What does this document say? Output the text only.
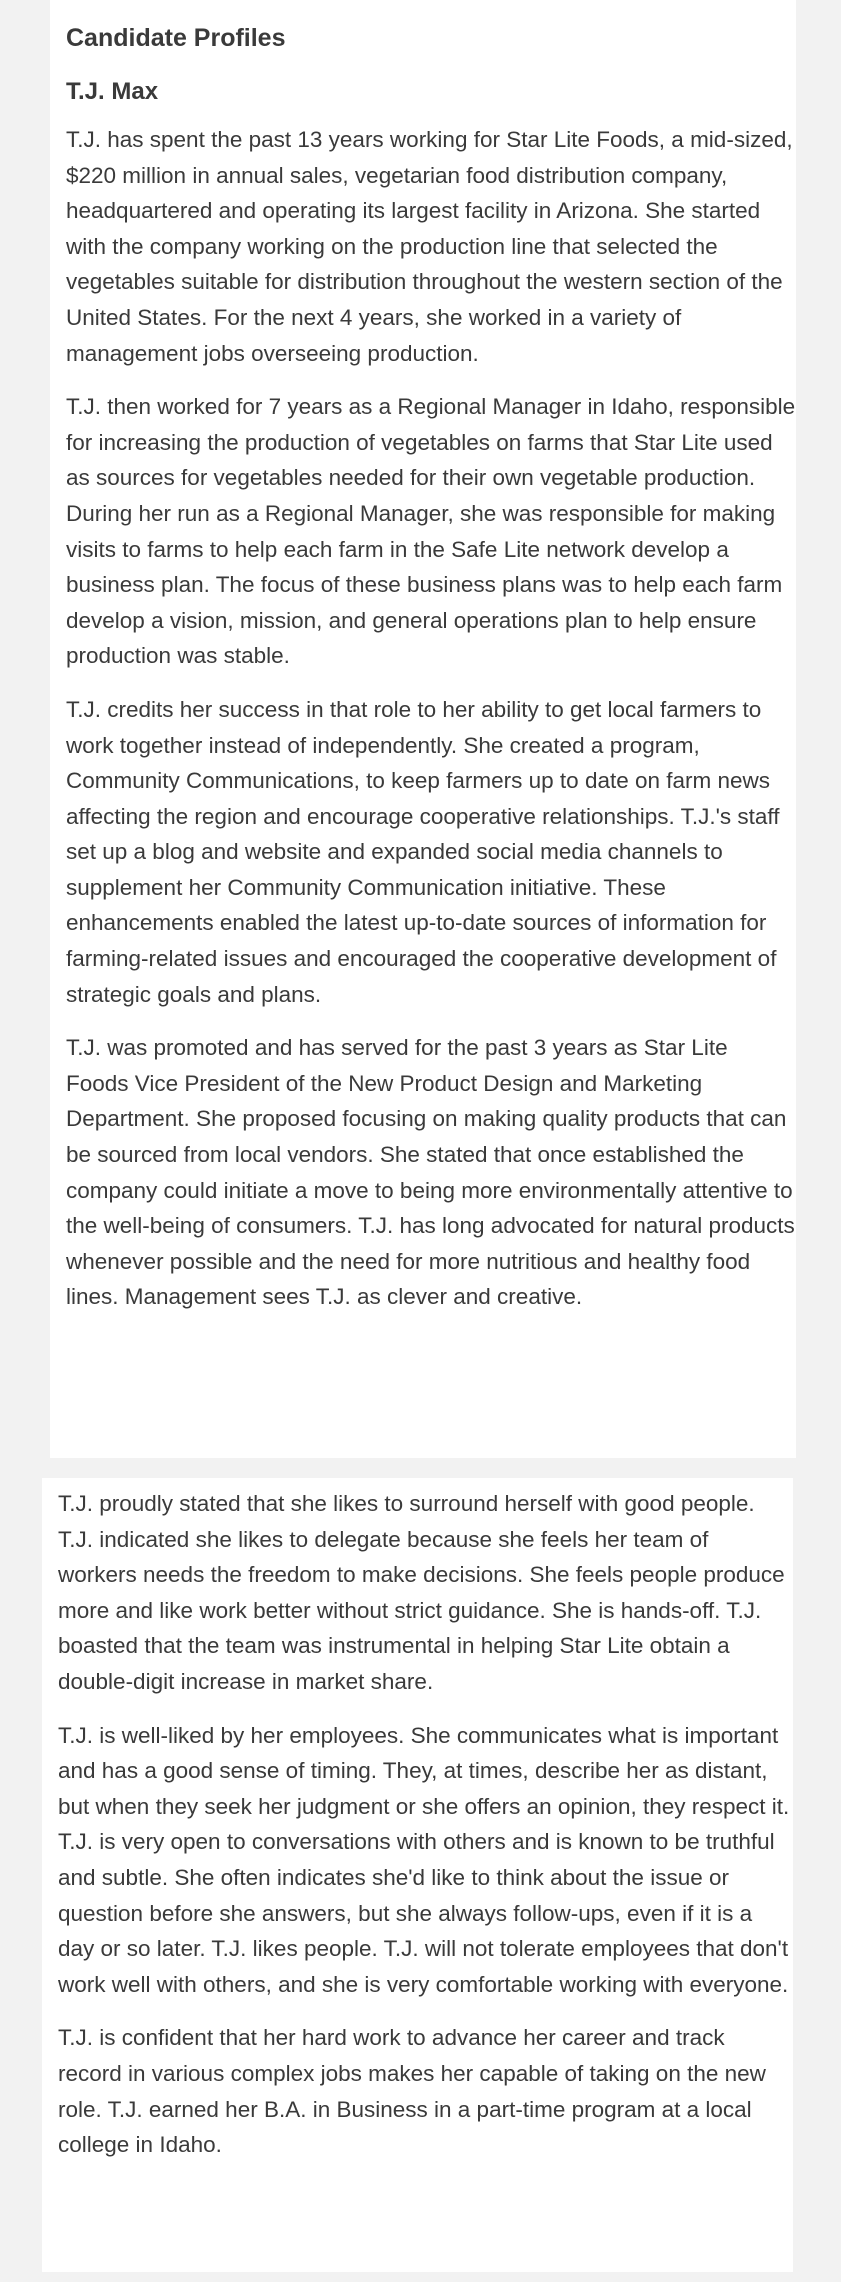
Candidate Profiles
T.J. Max

T.J. has spent the past 13 years working for Star Lite Foods, a mid-sized, $220 million in annual sales, vegetarian food distribution company, headquartered and operating its largest facility in Arizona. She started with the company working on the production line that selected the vegetables suitable for distribution throughout the western section of the United States. For the next 4 years, she worked in a variety of management jobs overseeing production.

T.J. then worked for 7 years as a Regional Manager in Idaho, responsible for increasing the production of vegetables on farms that Star Lite used as sources for vegetables needed for their own vegetable production. During her run as a Regional Manager, she was responsible for making visits to farms to help each farm in the Safe Lite network develop a business plan. The focus of these business plans was to help each farm develop a vision, mission, and general operations plan to help ensure production was stable.

T.J. credits her success in that role to her ability to get local farmers to work together instead of independently. She created a program, Community Communications, to keep farmers up to date on farm news affecting the region and encourage cooperative relationships. T.J.'s staff set up a blog and website and expanded social media channels to supplement her Community Communication initiative. These enhancements enabled the latest up-to-date sources of information for farming-related issues and encouraged the cooperative development of strategic goals and plans.

T.J. was promoted and has served for the past 3 years as Star Lite Foods Vice President of the New Product Design and Marketing Department. She proposed focusing on making quality products that can be sourced from local vendors. She stated that once established the company could initiate a move to being more environmentally attentive to the well-being of consumers. T.J. has long advocated for natural products whenever possible and the need for more nutritious and healthy food lines. Management sees T.J. as clever and creative.

T.J. proudly stated that she likes to surround herself with good people. T.J. indicated she likes to delegate because she feels her team of workers needs the freedom to make decisions. She feels people produce more and like work better without strict guidance. She is hands-off. T.J. boasted that the team was instrumental in helping Star Lite obtain a double-digit increase in market share.

T.J. is well-liked by her employees. She communicates what is important and has a good sense of timing. They, at times, describe her as distant, but when they seek her judgment or she offers an opinion, they respect it. T.J. is very open to conversations with others and is known to be truthful and subtle. She often indicates she'd like to think about the issue or question before she answers, but she always follow-ups, even if it is a day or so later. T.J. likes people. T.J. will not tolerate employees that don't work well with others, and she is very comfortable working with everyone.

T.J. is confident that her hard work to advance her career and track record in various complex jobs makes her capable of taking on the new role. T.J. earned her B.A. in Business in a part-time program at a local college in Idaho.
